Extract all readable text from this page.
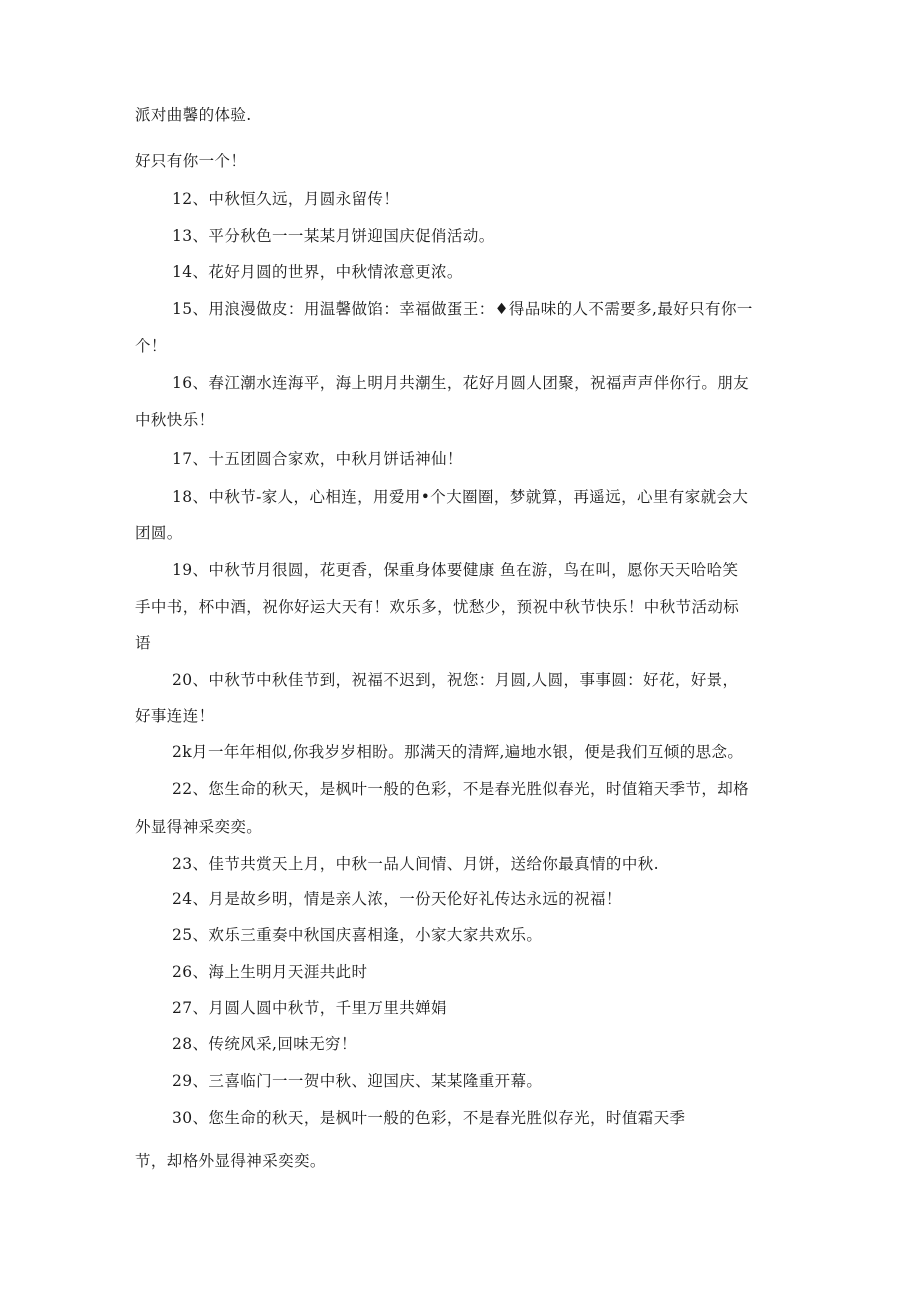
派对曲馨的体验.
好只有你一个！
12、中秋恒久远，月圆永留传！
13、平分秋色一一某某月饼迎国庆促俏活动。
14、花好月圆的世界，中秋情浓意更浓。
15、用浪漫做皮：用温馨做馅：幸福做蛋王：♦得品味的人不需要多,最好只有你一
个！
16、春江潮水连海平，海上明月共潮生，花好月圆人团聚，祝福声声伴你行。朋友
中秋快乐！
17、十五团圆合家欢，中秋月饼话神仙！
18、中秋节-家人，心相连，用爱用•个大圈圈，梦就算，再遥远，心里有家就会大
团圆。
19、中秋节月很圆，花更香，保重身体要健康 鱼在游，鸟在叫，愿你天天哈哈笑
手中书，杯中酒，祝你好运大天有！欢乐多，忧愁少，预祝中秋节快乐！中秋节活动标
语
20、中秋节中秋佳节到，祝福不迟到，祝您：月圆,人圆，事事圆：好花，好景，
好事连连！
2k月一年年相似,你我岁岁相盼。那满天的清辉,遍地水银，便是我们互倾的思念。
22、您生命的秋天，是枫叶一般的色彩，不是春光胜似春光，时值箱天季节，却格
外显得神采奕奕。
23、佳节共赏天上月，中秋一品人间情、月饼，送给你最真情的中秋.
24、月是故乡明，情是亲人浓，一份天伦好礼传达永远的祝福！
25、欢乐三重奏中秋国庆喜相逢，小家大家共欢乐。
26、海上生明月天涯共此时
27、月圆人圆中秋节，千里万里共婵娟
28、传统风采,回味无穷！
29、三喜临门一一贺中秋、迎国庆、某某隆重开幕。
30、您生命的秋天，是枫叶一般的色彩，不是春光胜似存光，时值霜天季
节，却格外显得神采奕奕。
